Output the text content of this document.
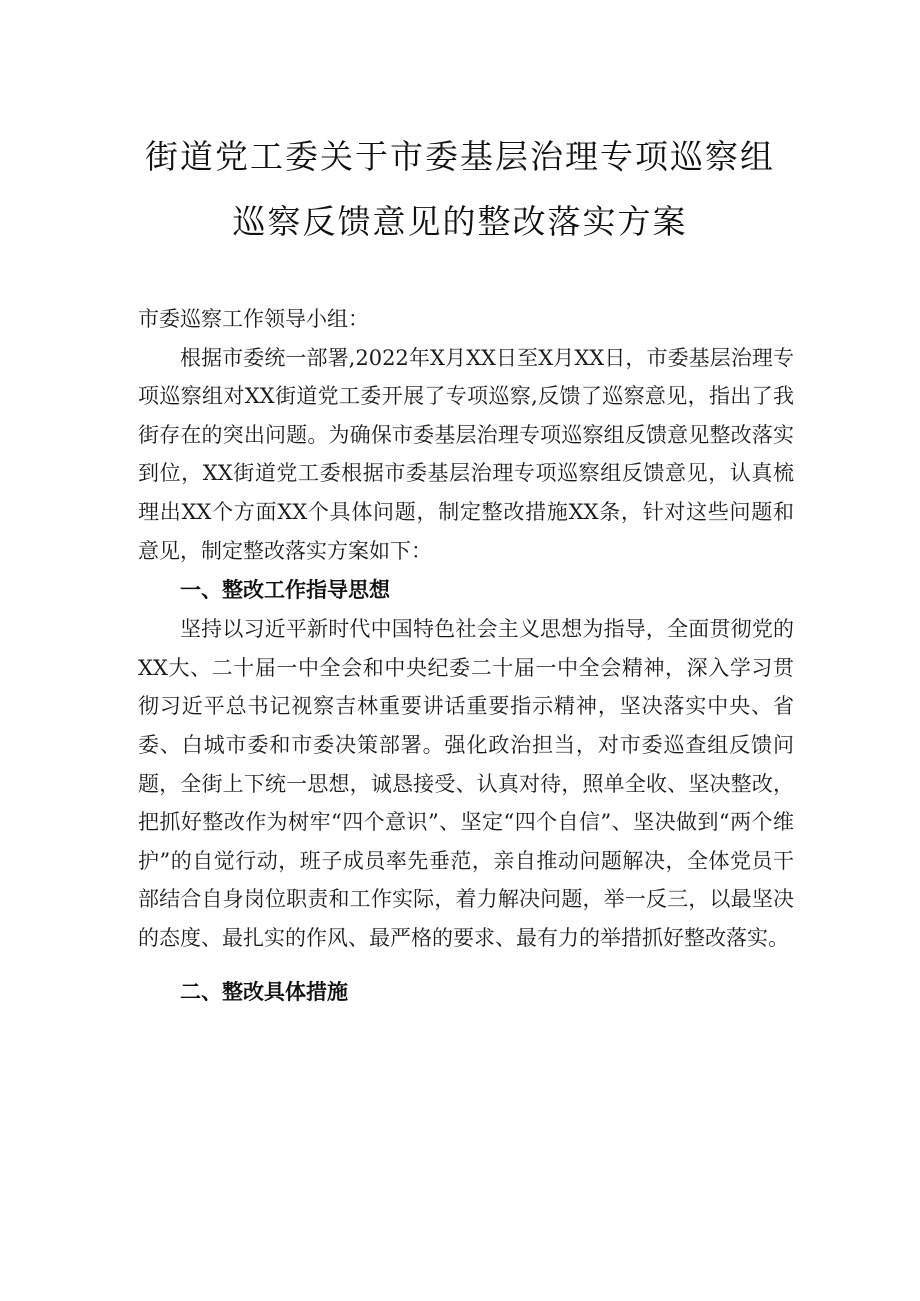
街道党工委关于市委基层治理专项巡察组
巡察反馈意见的整改落实方案

市委巡察工作领导小组：

根据市委统一部署,2022年X月XX日至X月XX日，市委基层治理专项巡察组对XX街道党工委开展了专项巡察,反馈了巡察意见，指出了我街存在的突出问题。为确保市委基层治理专项巡察组反馈意见整改落实到位，XX街道党工委根据市委基层治理专项巡察组反馈意见，认真梳理出XX个方面XX个具体问题，制定整改措施XX条，针对这些问题和意见，制定整改落实方案如下：

一、整改工作指导思想

坚持以习近平新时代中国特色社会主义思想为指导，全面贯彻党的XX大、二十届一中全会和中央纪委二十届一中全会精神，深入学习贯彻习近平总书记视察吉林重要讲话重要指示精神，坚决落实中央、省委、白城市委和市委决策部署。强化政治担当，对市委巡查组反馈问题，全街上下统一思想，诚恳接受、认真对待，照单全收、坚决整改，把抓好整改作为树牢“四个意识”、坚定“四个自信”、坚决做到“两个维护”的自觉行动，班子成员率先垂范，亲自推动问题解决，全体党员干部结合自身岗位职责和工作实际，着力解决问题，举一反三，以最坚决的态度、最扎实的作风、最严格的要求、最有力的举措抓好整改落实。

二、整改具体措施
